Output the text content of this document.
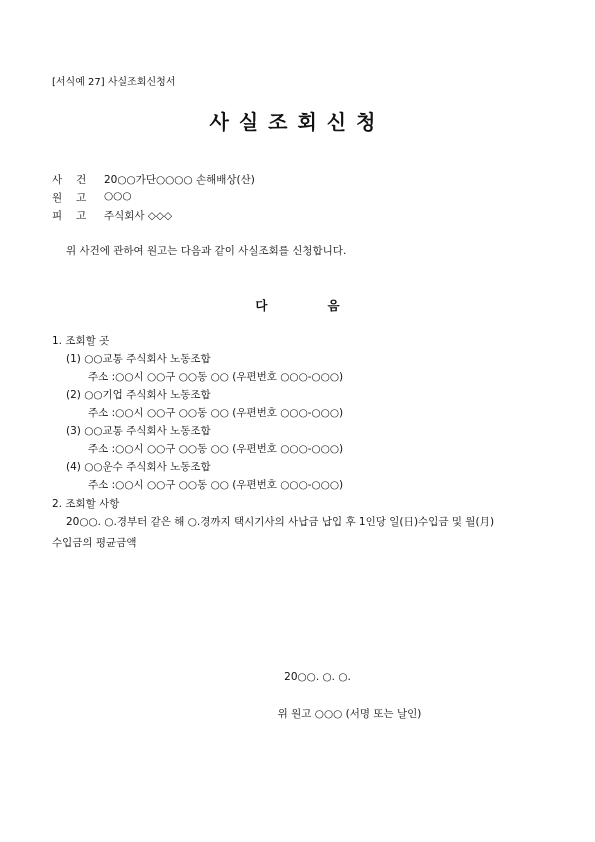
[서식예 27] 사실조회신청서
사실조회신청
사건 20○○가단○○○○ 손해배상(산)
원고 ○○○
피고 주식회사 ◇◇◇
위 사건에 관하여 원고는 다음과 같이 사실조회를 신청합니다.
다	음
1. 조회할 곳
(1) ○○교통 주식회사 노동조합
주소 :○○시 ○○구 ○○동 ○○ (우편번호 ○○○-○○○)
(2) ○○기업 주식회사 노동조합
주소 :○○시 ○○구 ○○동 ○○ (우편번호 ○○○-○○○)
(3) ○○교통 주식회사 노동조합
주소 :○○시 ○○구 ○○동 ○○ (우편번호 ○○○-○○○)
(4) ○○운수 주식회사 노동조합
주소 :○○시 ○○구 ○○동 ○○ (우편번호 ○○○-○○○)
2. 조회할 사항
20○○. ○.경부터 같은 해 ○.경까지 택시기사의 사납금 납입 후 1인당 일(日)수입금 및 월(月)
수입금의 평균금액
20○○. ○. ○.
위 원고 ○○○ (서명 또는 날인)
